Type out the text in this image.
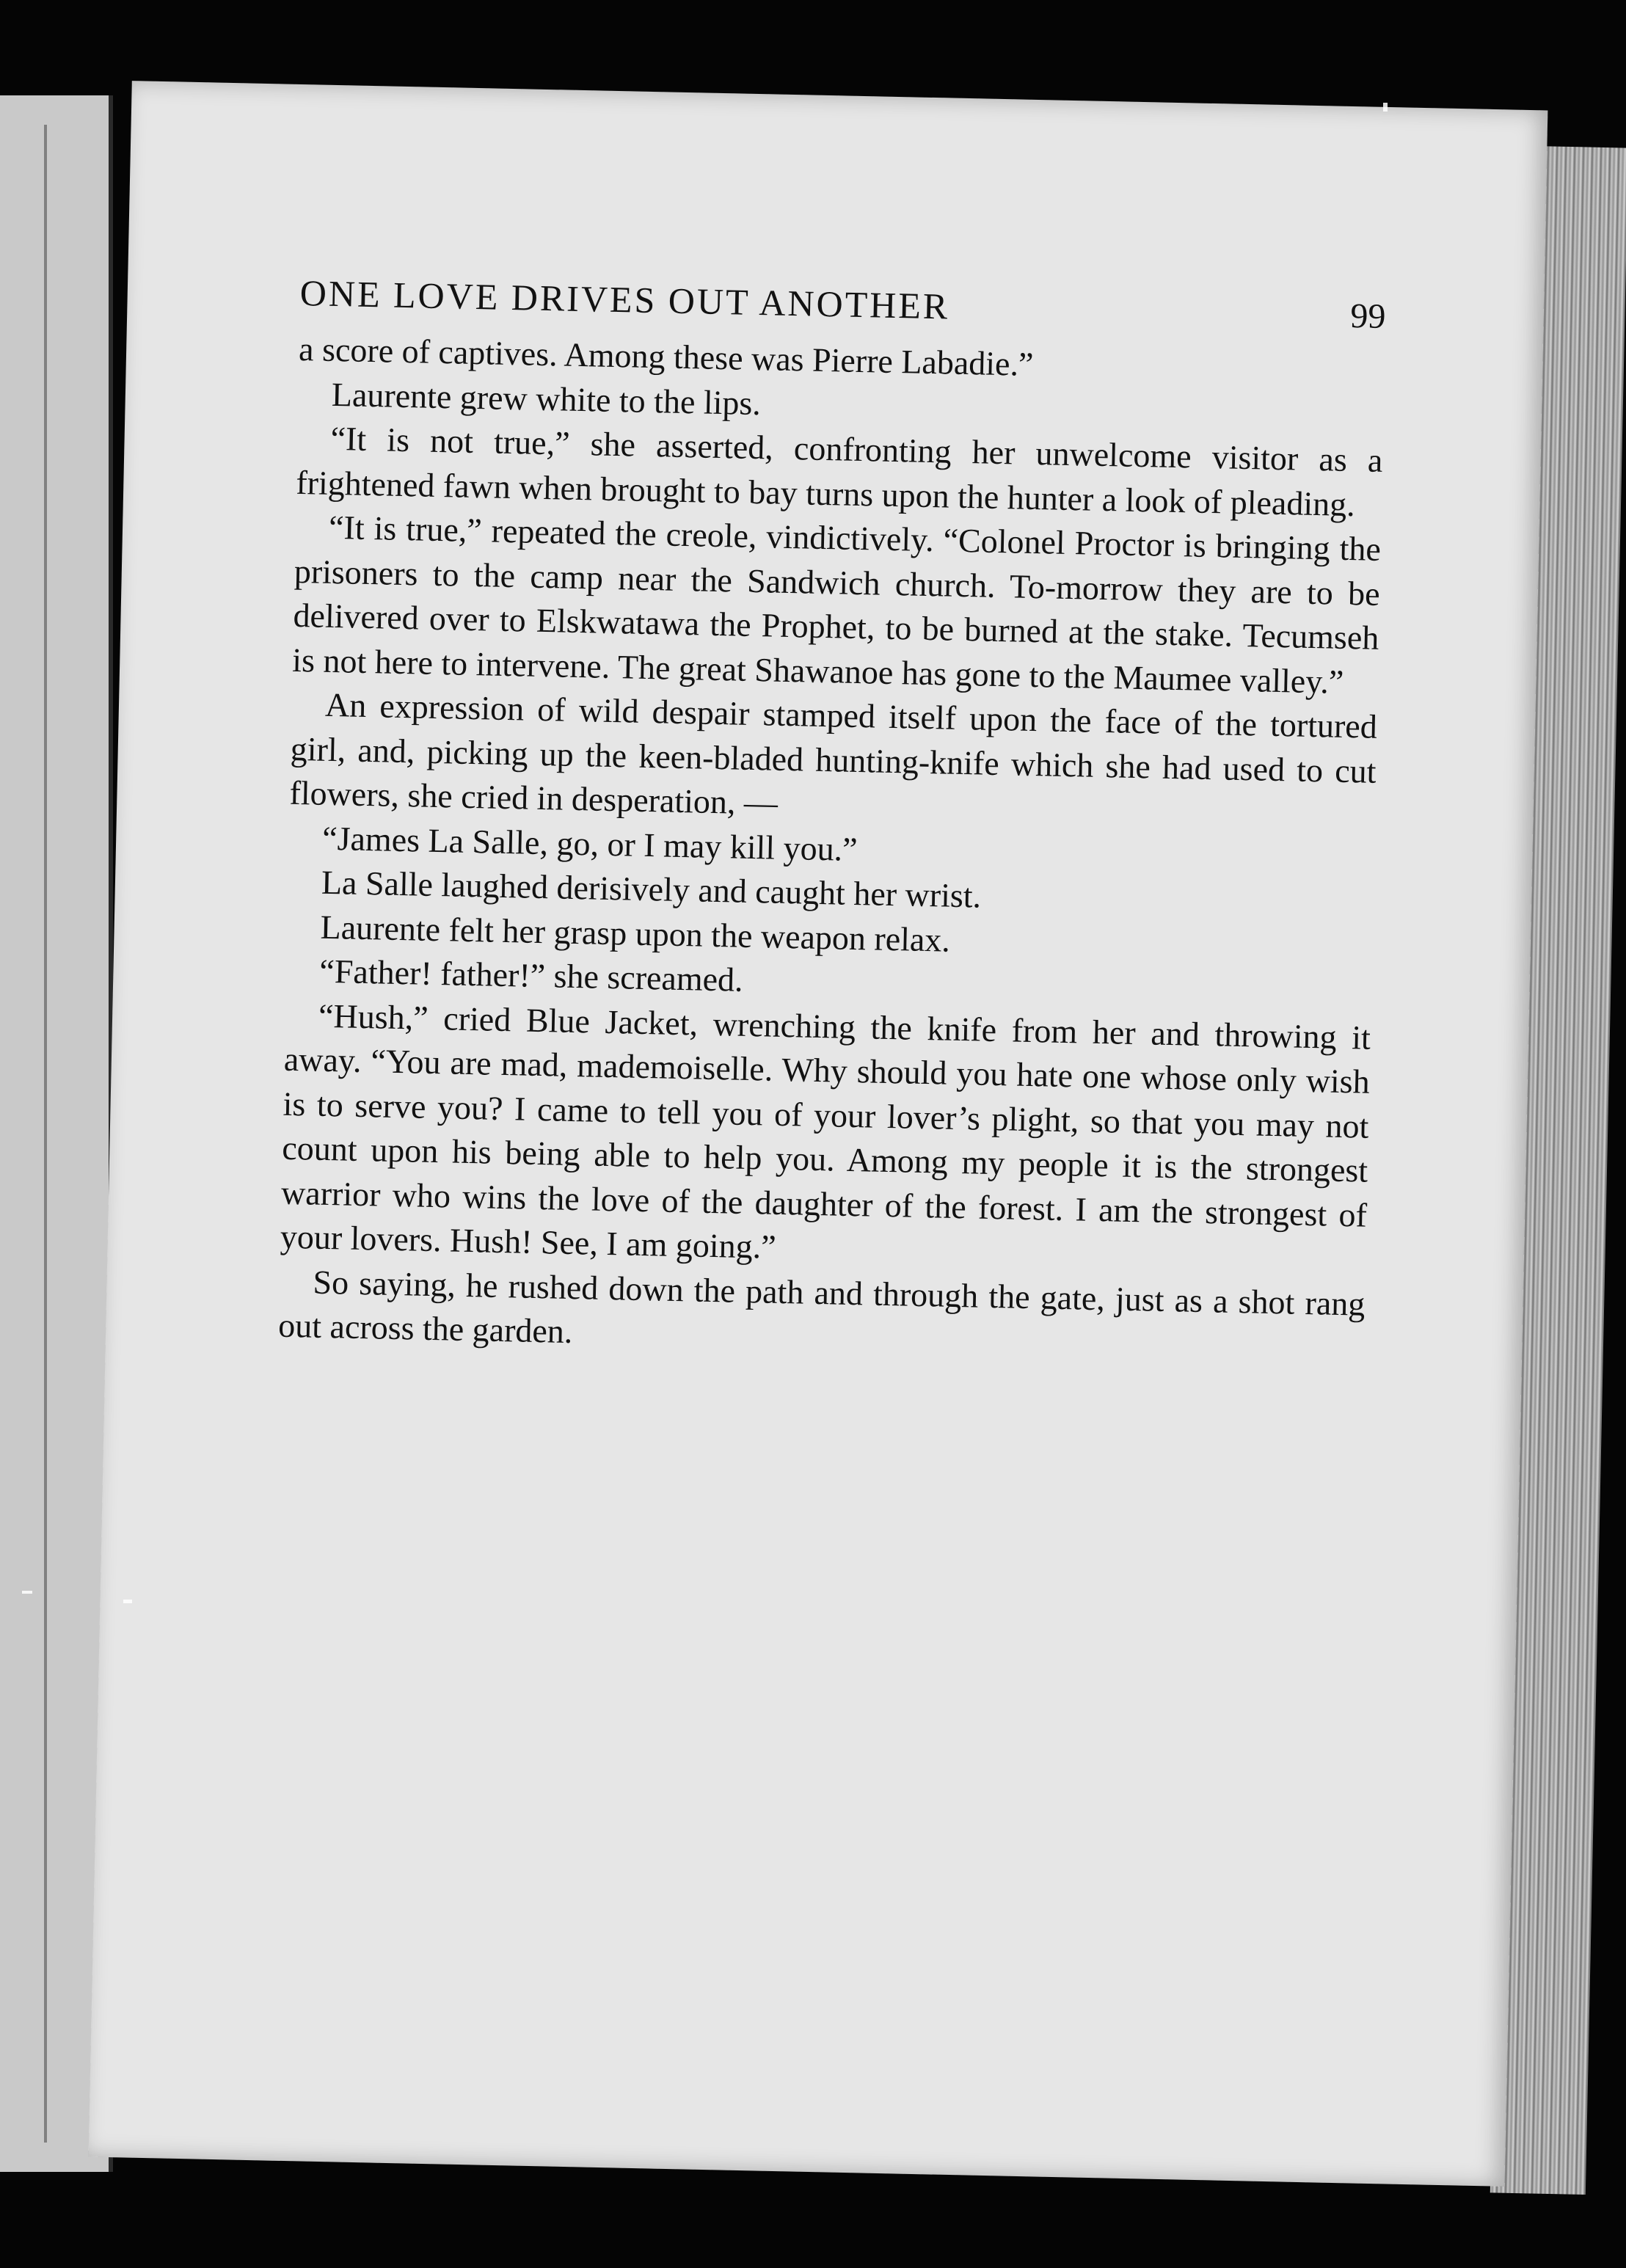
ONE LOVE DRIVES OUT ANOTHER	99

a score of captives. Among these was Pierre Labadie.”

Laurente grew white to the lips.

“It is not true,” she asserted, confronting her unwelcome visitor as a frightened fawn when brought to bay turns upon the hunter a look of pleading.

“It is true,” repeated the creole, vindictively. “Colonel Proctor is bringing the prisoners to the camp near the Sandwich church. To-morrow they are to be delivered over to Elskwatawa the Prophet, to be burned at the stake. Tecumseh is not here to intervene. The great Shawanoe has gone to the Maumee valley.”

An expression of wild despair stamped itself upon the face of the tortured girl, and, picking up the keen-bladed hunting-knife which she had used to cut flowers, she cried in desperation, —

“James La Salle, go, or I may kill you.”

La Salle laughed derisively and caught her wrist.

Laurente felt her grasp upon the weapon relax.

“Father! father!” she screamed.

“Hush,” cried Blue Jacket, wrenching the knife from her and throwing it away. “You are mad, mademoiselle. Why should you hate one whose only wish is to serve you? I came to tell you of your lover’s plight, so that you may not count upon his being able to help you. Among my people it is the strongest warrior who wins the love of the daughter of the forest. I am the strongest of your lovers. Hush! See, I am going.”

So saying, he rushed down the path and through the gate, just as a shot rang out across the garden.
